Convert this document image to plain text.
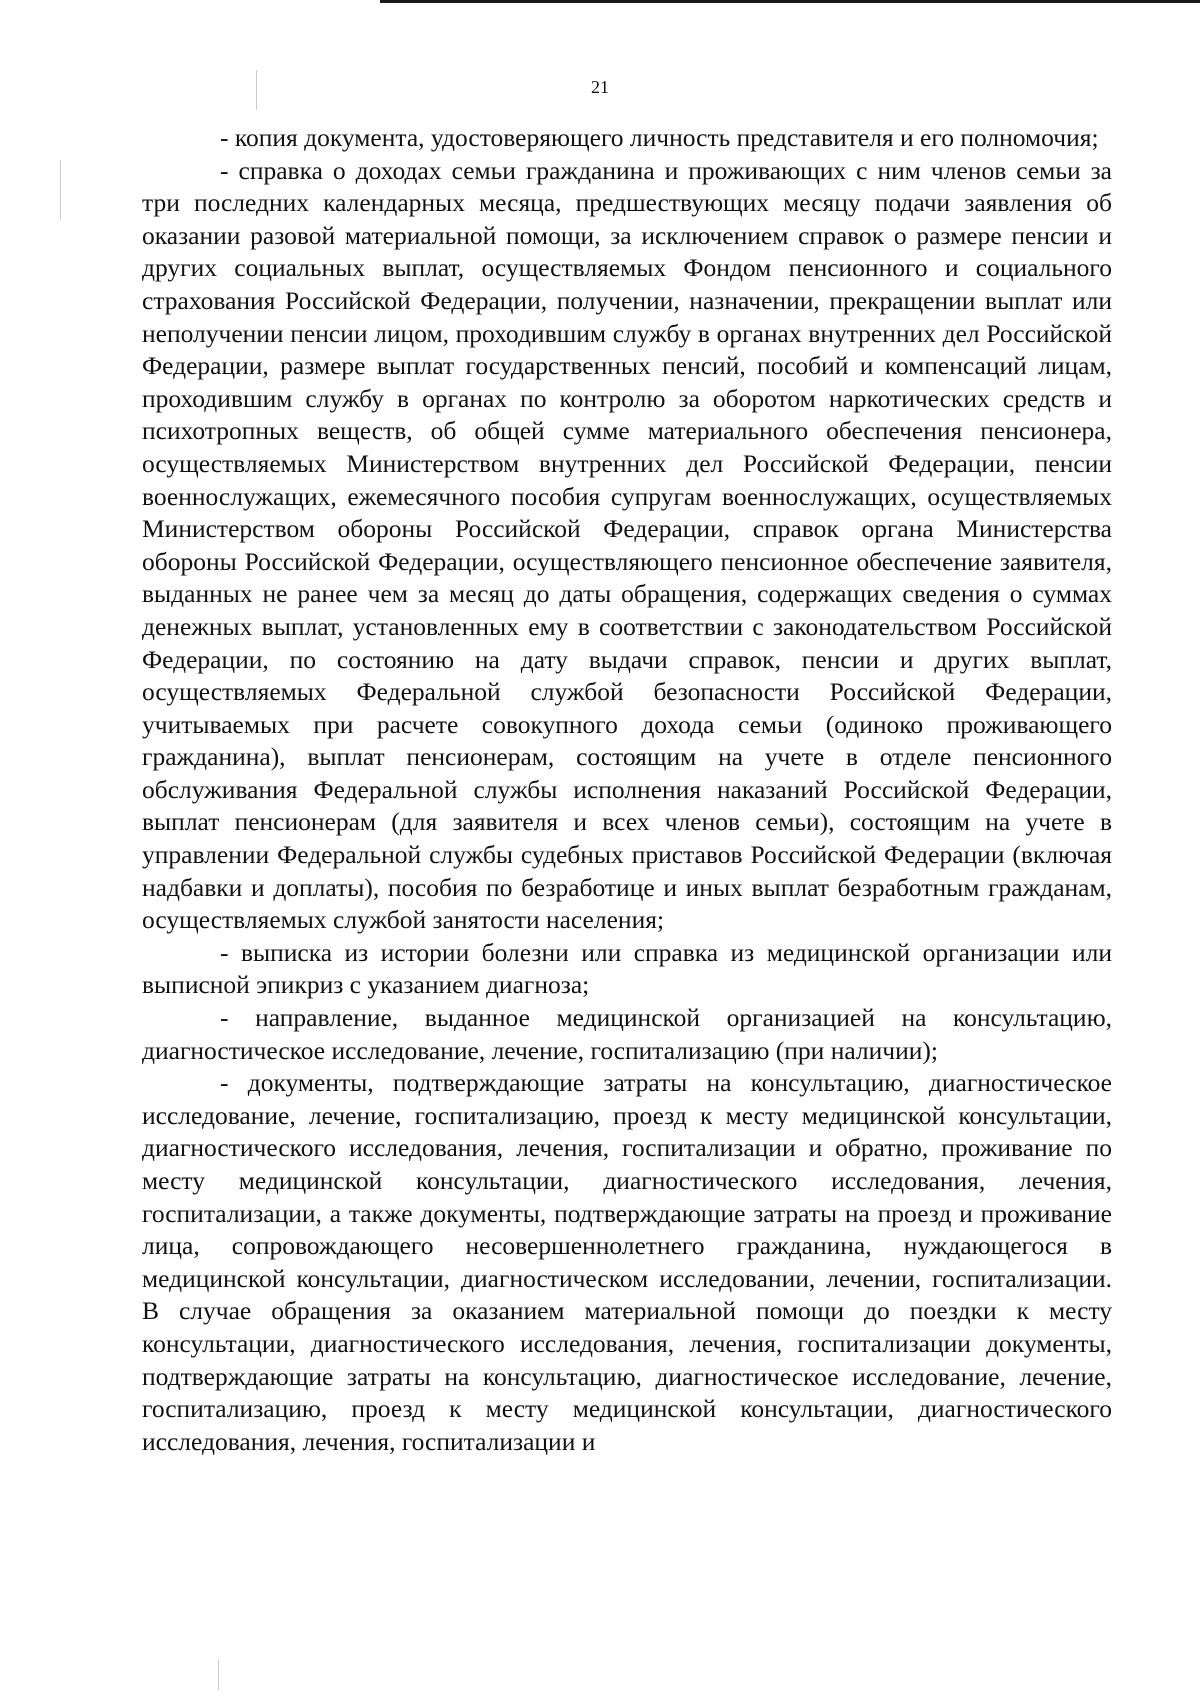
21

- копия документа, удостоверяющего личность представителя и его полномочия;

- справка о доходах семьи гражданина и проживающих с ним членов семьи за три последних календарных месяца, предшествующих месяцу подачи заявления об оказании разовой материальной помощи, за исключением справок о размере пенсии и других социальных выплат, осуществляемых Фондом пенсионного и социального страхования Российской Федерации, получении, назначении, прекращении выплат или неполучении пенсии лицом, проходившим службу в органах внутренних дел Российской Федерации, размере выплат государственных пенсий, пособий и компенсаций лицам, проходившим службу в органах по контролю за оборотом наркотических средств и психотропных веществ, об общей сумме материального обеспечения пенсионера, осуществляемых Министерством внутренних дел Российской Федерации, пенсии военнослужащих, ежемесячного пособия супругам военнослужащих, осуществляемых Министерством обороны Российской Федерации, справок органа Министерства обороны Российской Федерации, осуществляющего пенсионное обеспечение заявителя, выданных не ранее чем за месяц до даты обращения, содержащих сведения о суммах денежных выплат, установленных ему в соответствии с законодательством Российской Федерации, по состоянию на дату выдачи справок, пенсии и других выплат, осуществляемых Федеральной службой безопасности Российской Федерации, учитываемых при расчете совокупного дохода семьи (одиноко проживающего гражданина), выплат пенсионерам, состоящим на учете в отделе пенсионного обслуживания Федеральной службы исполнения наказаний Российской Федерации, выплат пенсионерам (для заявителя и всех членов семьи), состоящим на учете в управлении Федеральной службы судебных приставов Российской Федерации (включая надбавки и доплаты), пособия по безработице и иных выплат безработным гражданам, осуществляемых службой занятости населения;

- выписка из истории болезни или справка из медицинской организации или выписной эпикриз с указанием диагноза;

- направление, выданное медицинской организацией на консультацию, диагностическое исследование, лечение, госпитализацию (при наличии);

- документы, подтверждающие затраты на консультацию, диагностическое исследование, лечение, госпитализацию, проезд к месту медицинской консультации, диагностического исследования, лечения, госпитализации и обратно, проживание по месту медицинской консультации, диагностического исследования, лечения, госпитализации, а также документы, подтверждающие затраты на проезд и проживание лица, сопровождающего несовершеннолетнего гражданина, нуждающегося в медицинской консультации, диагностическом исследовании, лечении, госпитализации. В случае обращения за оказанием материальной помощи до поездки к месту консультации, диагностического исследования, лечения, госпитализации документы, подтверждающие затраты на консультацию, диагностическое исследование, лечение, госпитализацию, проезд к месту медицинской консультации, диагностического исследования, лечения, госпитализации и
